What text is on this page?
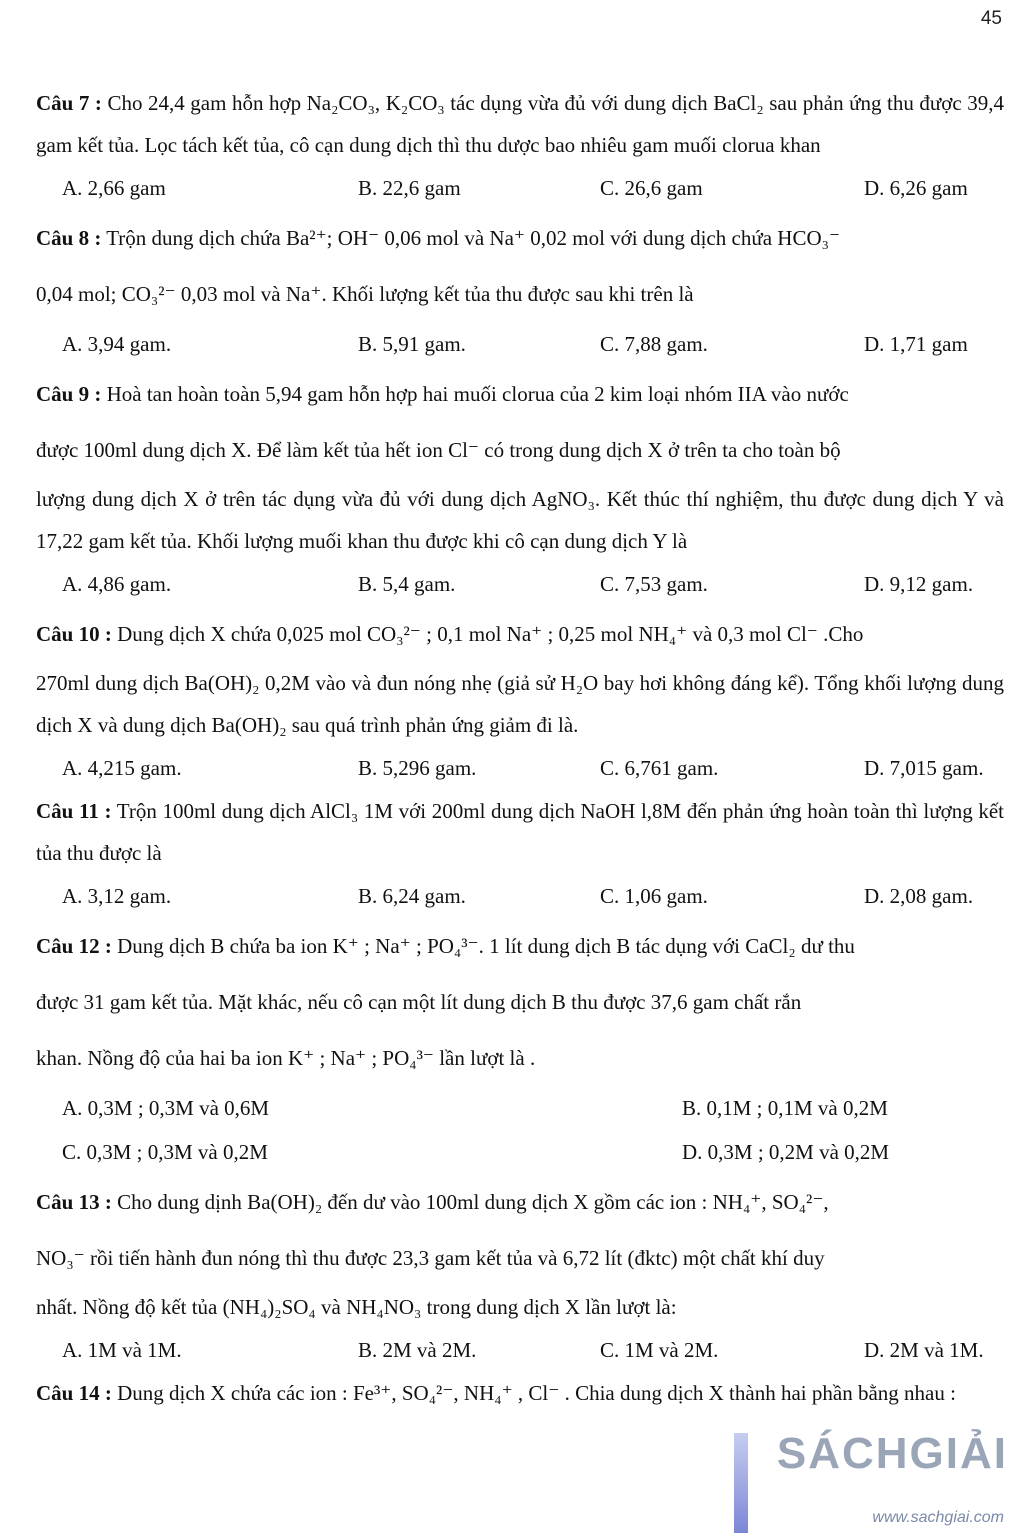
45

Câu 7 : Cho 24,4 gam hỗn hợp Na₂CO₃, K₂CO₃ tác dụng vừa đủ với dung dịch BaCl₂ sau phản ứng thu được 39,4 gam kết tủa. Lọc tách kết tủa, cô cạn dung dịch thì thu dược bao nhiêu gam muối clorua khan

A. 2,66 gam	B. 22,6 gam	C. 26,6 gam	D. 6,26 gam

Câu 8 : Trộn dung dịch chứa Ba²⁺; OH⁻ 0,06 mol và Na⁺ 0,02 mol với dung dịch chứa HCO₃⁻

0,04 mol; CO₃²⁻ 0,03 mol và Na⁺. Khối lượng kết tủa thu được sau khi trên là

A. 3,94 gam.	B. 5,91 gam.	C. 7,88 gam.	D. 1,71 gam

Câu 9 : Hoà tan hoàn toàn 5,94 gam hỗn hợp hai muối clorua của 2 kim loại nhóm IIA vào nước

được 100ml dung dịch X. Để làm kết tủa hết ion Cl⁻ có trong dung dịch X ở trên ta cho toàn bộ

lượng dung dịch X ở trên tác dụng vừa đủ với dung dịch AgNO₃. Kết thúc thí nghiệm, thu được dung dịch Y và 17,22 gam kết tủa. Khối lượng muối khan thu được khi cô cạn dung dịch Y là

A. 4,86 gam.	B. 5,4 gam.	C. 7,53 gam.	D. 9,12 gam.

Câu 10 : Dung dịch X chứa 0,025 mol CO₃²⁻ ; 0,1 mol Na⁺ ; 0,25 mol NH₄⁺ và 0,3 mol Cl⁻ .Cho

270ml dung dịch Ba(OH)₂ 0,2M vào và đun nóng nhẹ (giả sử H₂O bay hơi không đáng kể). Tổng khối lượng dung dịch X và dung dịch Ba(OH)₂ sau quá trình phản ứng giảm đi là.

A. 4,215 gam.	B. 5,296 gam.	C. 6,761 gam.	D. 7,015 gam.

Câu 11 : Trộn 100ml dung dịch AlCl₃ 1M với 200ml dung dịch NaOH l,8M đến phản ứng hoàn toàn thì lượng kết tủa thu được là

A. 3,12 gam.	B. 6,24 gam.	C. 1,06 gam.	D. 2,08 gam.

Câu 12 : Dung dịch B chứa ba ion K⁺ ; Na⁺ ; PO₄³⁻. 1 lít dung dịch B tác dụng với CaCl₂ dư thu

được 31 gam kết tủa. Mặt khác, nếu cô cạn một lít dung dịch B thu được 37,6 gam chất rắn

khan. Nồng độ của hai ba ion K⁺ ; Na⁺ ; PO₄³⁻ lần lượt là .

A. 0,3M ; 0,3M và 0,6M	B. 0,1M ; 0,1M và 0,2M
C. 0,3M ; 0,3M và 0,2M	D. 0,3M ; 0,2M và 0,2M

Câu 13 : Cho dung dịnh Ba(OH)₂ đến dư vào 100ml dung dịch X gồm các ion : NH₄⁺, SO₄²⁻,

NO₃⁻ rồi tiến hành đun nóng thì thu được 23,3 gam kết tủa và 6,72 lít (đktc) một chất khí duy

nhất. Nồng độ kết tủa (NH₄)₂SO₄ và NH₄NO₃ trong dung dịch X lần lượt là:

A. 1M và 1M.	B. 2M và 2M.	C. 1M và 2M.	D. 2M và 1M.

Câu 14 : Dung dịch X chứa các ion : Fe³⁺, SO₄²⁻, NH₄⁺ , Cl⁻ . Chia dung dịch X thành hai phần bằng nhau :

SÁCHGIẢI
www.sachgiai.com
